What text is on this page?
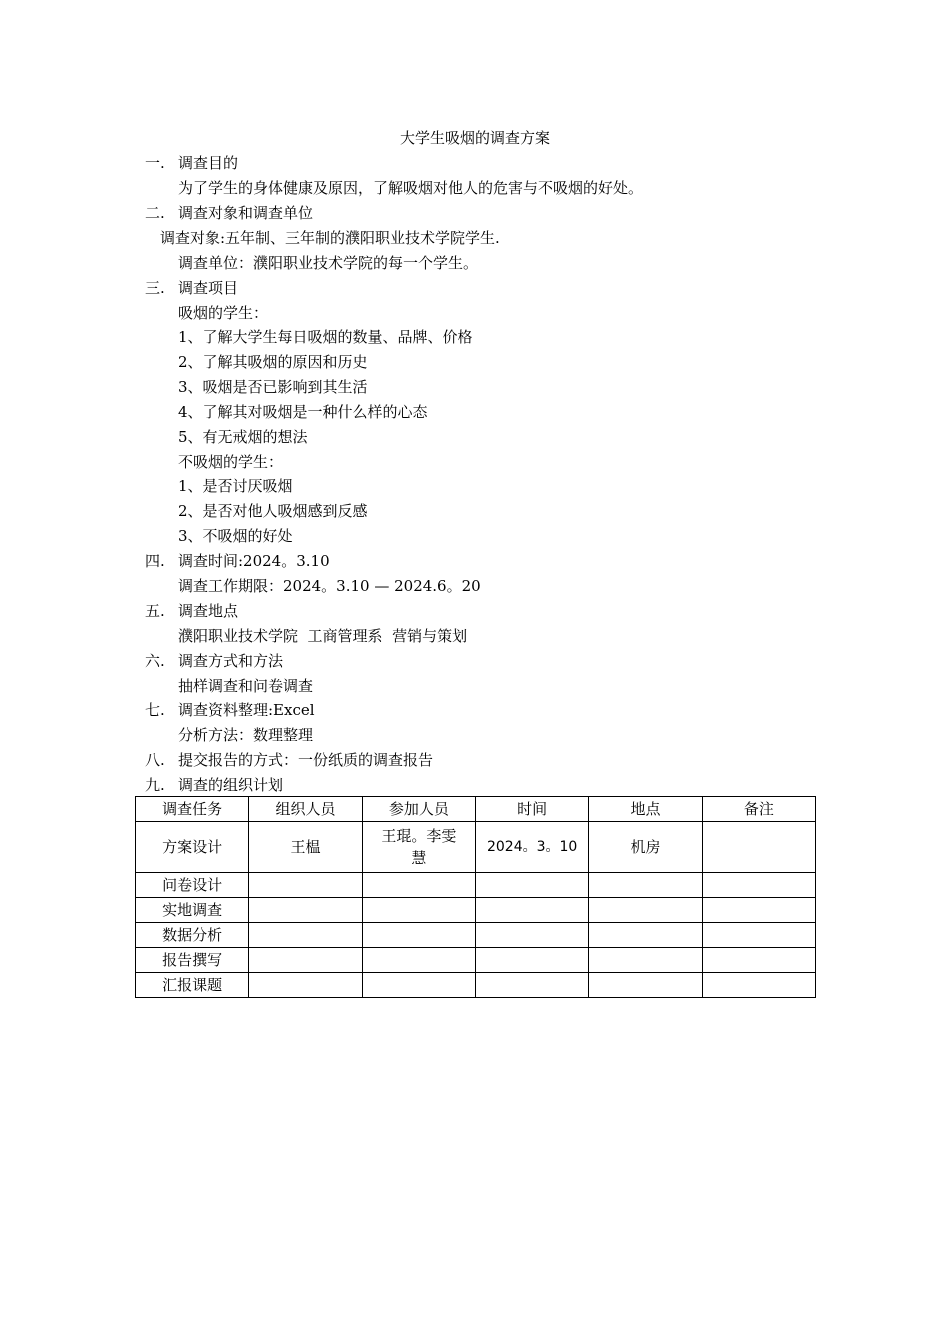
大学生吸烟的调查方案
一. 调查目的
为了学生的身体健康及原因，了解吸烟对他人的危害与不吸烟的好处。
二. 调查对象和调查单位
调查对象:五年制、三年制的濮阳职业技术学院学生.
调查单位：濮阳职业技术学院的每一个学生。
三. 调查项目
吸烟的学生：
1、了解大学生每日吸烟的数量、品牌、价格
2、了解其吸烟的原因和历史
3、吸烟是否已影响到其生活
4、了解其对吸烟是一种什么样的心态
5、有无戒烟的想法
不吸烟的学生：
1、是否讨厌吸烟
2、是否对他人吸烟感到反感
3、不吸烟的好处
四. 调查时间:2024。3.10
调查工作期限：2024。3.10 — 2024.6。20
五. 调查地点
濮阳职业技术学院  工商管理系  营销与策划
六. 调查方式和方法
抽样调查和问卷调查
七. 调查资料整理:Excel
分析方法：数理整理
八. 提交报告的方式：一份纸质的调查报告
九. 调查的组织计划
调查任务	组织人员	参加人员	时间	地点	备注
方案设计	王榅	王琨。李雯慧	2024。3。10	机房	
问卷设计					
实地调查					
数据分析					
报告撰写					
汇报课题					
